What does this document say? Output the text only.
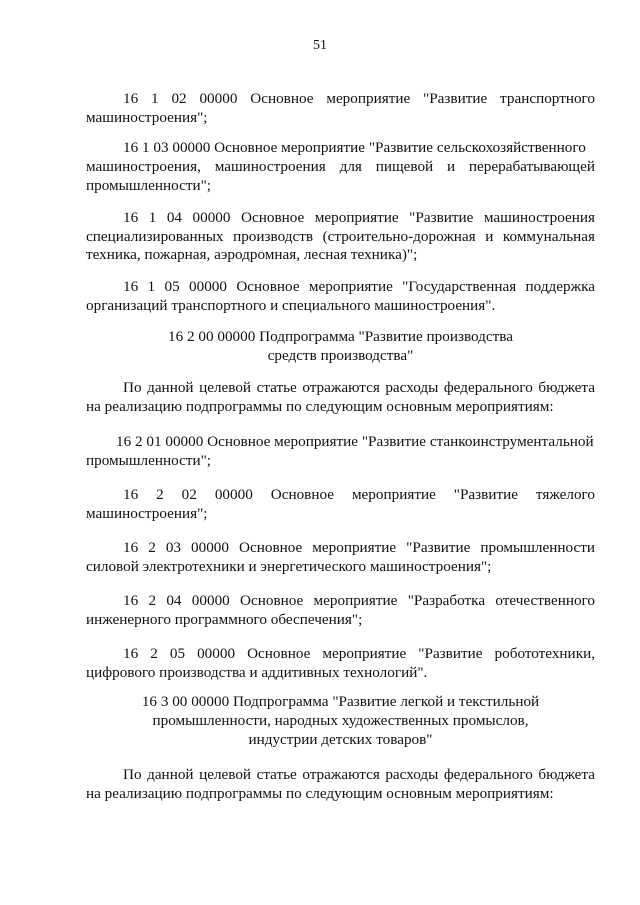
51
16 1 02 00000 Основное мероприятие "Развитие транспортного
машиностроения";
16 1 03 00000 Основное мероприятие "Развитие сельскохозяйственного
машиностроения, машиностроения для пищевой и перерабатывающей
промышленности";
16 1 04 00000 Основное мероприятие "Развитие машиностроения
специализированных производств (строительно-дорожная и коммунальная
техника, пожарная, аэродромная, лесная техника)";
16 1 05 00000 Основное мероприятие "Государственная поддержка
организаций транспортного и специального машиностроения".
16 2 00 00000 Подпрограмма "Развитие производства
средств производства"
По данной целевой статье отражаются расходы федерального бюджета
на реализацию подпрограммы по следующим основным мероприятиям:
16 2 01 00000 Основное мероприятие "Развитие станкоинструментальной
промышленности";
16 2 02 00000 Основное мероприятие "Развитие тяжелого
машиностроения";
16 2 03 00000 Основное мероприятие "Развитие промышленности
силовой электротехники и энергетического машиностроения";
16 2 04 00000 Основное мероприятие "Разработка отечественного
инженерного программного обеспечения";
16 2 05 00000 Основное мероприятие "Развитие робототехники,
цифрового производства и аддитивных технологий".
16 3 00 00000 Подпрограмма "Развитие легкой и текстильной
промышленности, народных художественных промыслов,
индустрии детских товаров"
По данной целевой статье отражаются расходы федерального бюджета
на реализацию подпрограммы по следующим основным мероприятиям:
